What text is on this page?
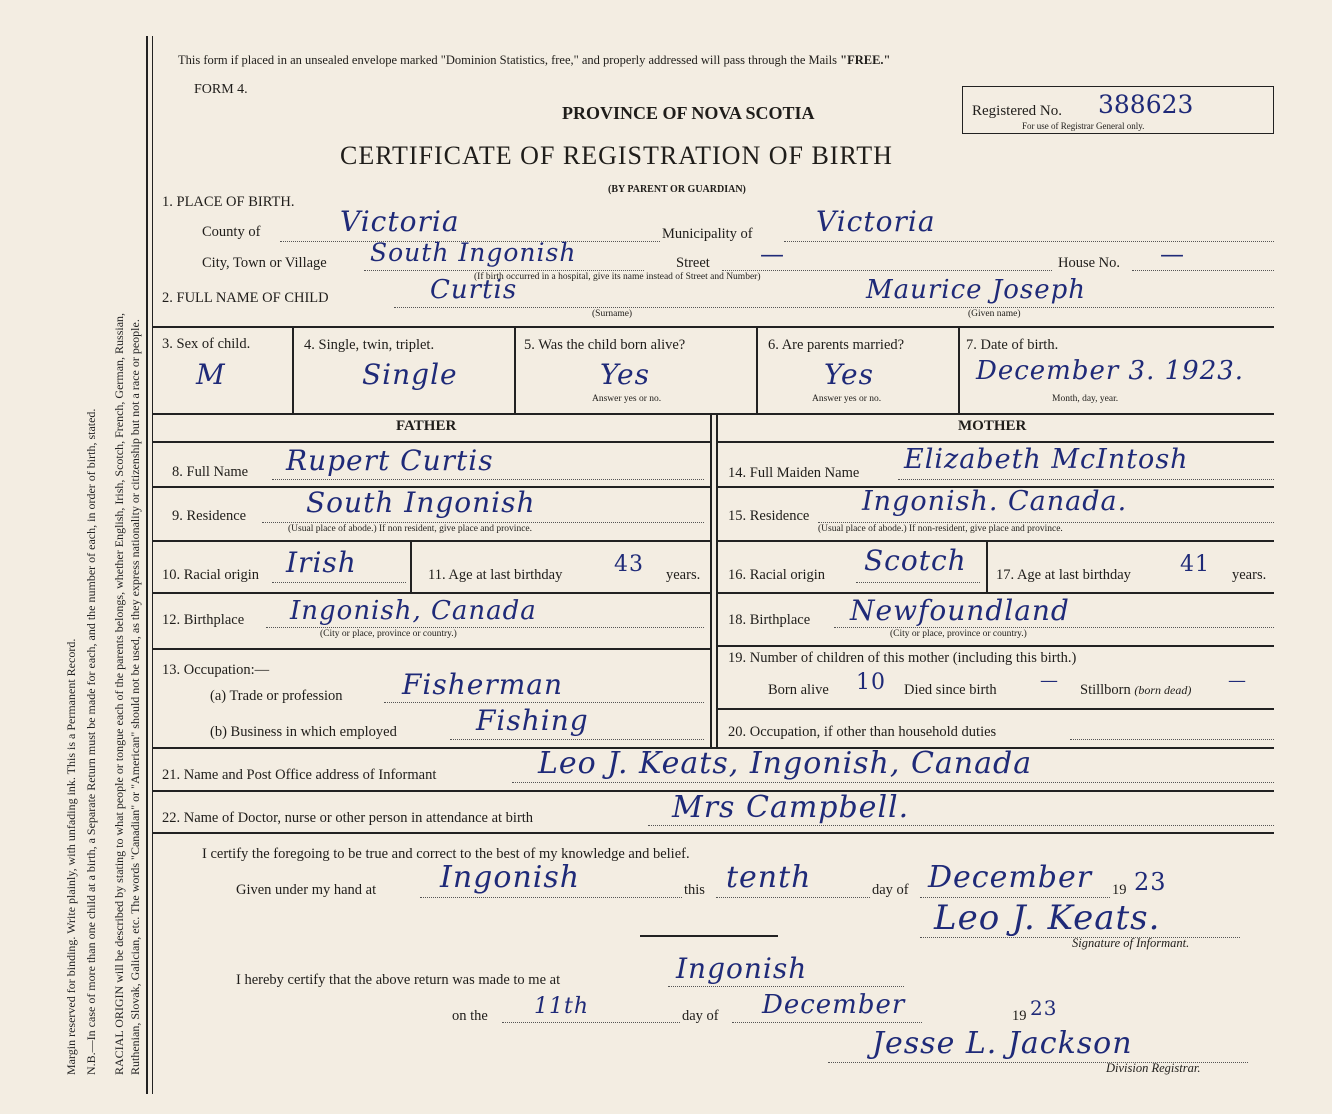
Margin reserved for binding. Write plainly, with unfading ink. This is a Permanent Record. N.B.—In case of more than one child at a birth, a Separate Return must be made for each, and the number of each, in order of birth, stated. RACIAL ORIGIN will be described by stating to what people or tongue each of the parents belongs, whether English, Irish, Scotch, French, German, Russian, Ruthenian, Slovak, Galician, etc. The words "Canadian" or "American" should not be used, as they express nationality or citizenship but not a race or people.
This form if placed in an unsealed envelope marked "Dominion Statistics, free," and properly addressed will pass through the Mails "FREE."
FORM 4.
PROVINCE OF NOVA SCOTIA	Registered No. 388623
For use of Registrar General only.
CERTIFICATE OF REGISTRATION OF BIRTH
(BY PARENT OR GUARDIAN)
1. PLACE OF BIRTH.
County of	Victoria	Municipality of Victoria
City, Town or Village South Ingonish	Street —	House No. —
(If birth occurred in a hospital, give its name instead of Street and Number)
2. FULL NAME OF CHILD	Curtis	Maurice Joseph
(Surname)	(Given name)
3. Sex of child.
M
4. Single, twin, triplet.
Single
5. Was the child born alive?
Yes
Answer yes or no.
6. Are parents married?
Yes
Answer yes or no.
7. Date of birth.
December 3. 1923.
Month, day, year.
FATHER	MOTHER
8. Full Name Rupert Curtis
9. Residence South Ingonish
(Usual place of abode.) If non resident, give place and province.
10. Racial origin Irish	11. Age at last birthday 43 years.
12. Birthplace Ingonish, Canada
(City or place, province or country.)
13. Occupation:—
(a) Trade or profession Fisherman
(b) Business in which employed	Fishing
14. Full Maiden Name Elizabeth McIntosh
15. Residence Ingonish. Canada.
(Usual place of abode.) If non-resident, give place and province.
16. Racial origin Scotch 17. Age at last birthday 41 years.
18. Birthplace Newfoundland
(City or place, province or country.)
19. Number of children of this mother (including this birth.)
Born alive 10 Died since birth — Stillborn (born dead) —
20. Occupation, if other than household duties
21. Name and Post Office address of Informant	Leo J. Keats, Ingonish, Canada
22. Name of Doctor, nurse or other person in attendance at birth	Mrs Campbell.
I certify the foregoing to be true and correct to the best of my knowledge and belief.
Given under my hand at Ingonish	this tenth	day of December 19 23
Leo J. Keats.
Signature of Informant.
I hereby certify that the above return was made to me at	Ingonish
on the 11th	day of December	19 23
Jesse L. Jackson
Division Registrar.
